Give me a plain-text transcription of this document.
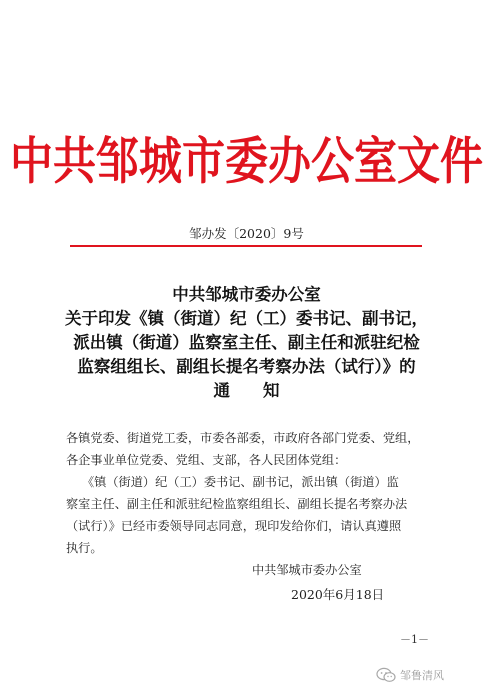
中共邹城市委办公室文件
邹办发〔2020〕9号
中共邹城市委办公室
关于印发《镇（街道）纪（工）委书记、副书记，
派出镇（街道）监察室主任、副主任和派驻纪检
监察组组长、副组长提名考察办法（试行）》的
通　　知
各镇党委、街道党工委，市委各部委，市政府各部门党委、党组，
各企事业单位党委、党组、支部，各人民团体党组：
《镇（街道）纪（工）委书记、副书记，派出镇（街道）监
察室主任、副主任和派驻纪检监察组组长、副组长提名考察办法
（试行）》已经市委领导同志同意，现印发给你们，请认真遵照
执行。
中共邹城市委办公室
2020年6月18日
－1－
邹鲁清风
